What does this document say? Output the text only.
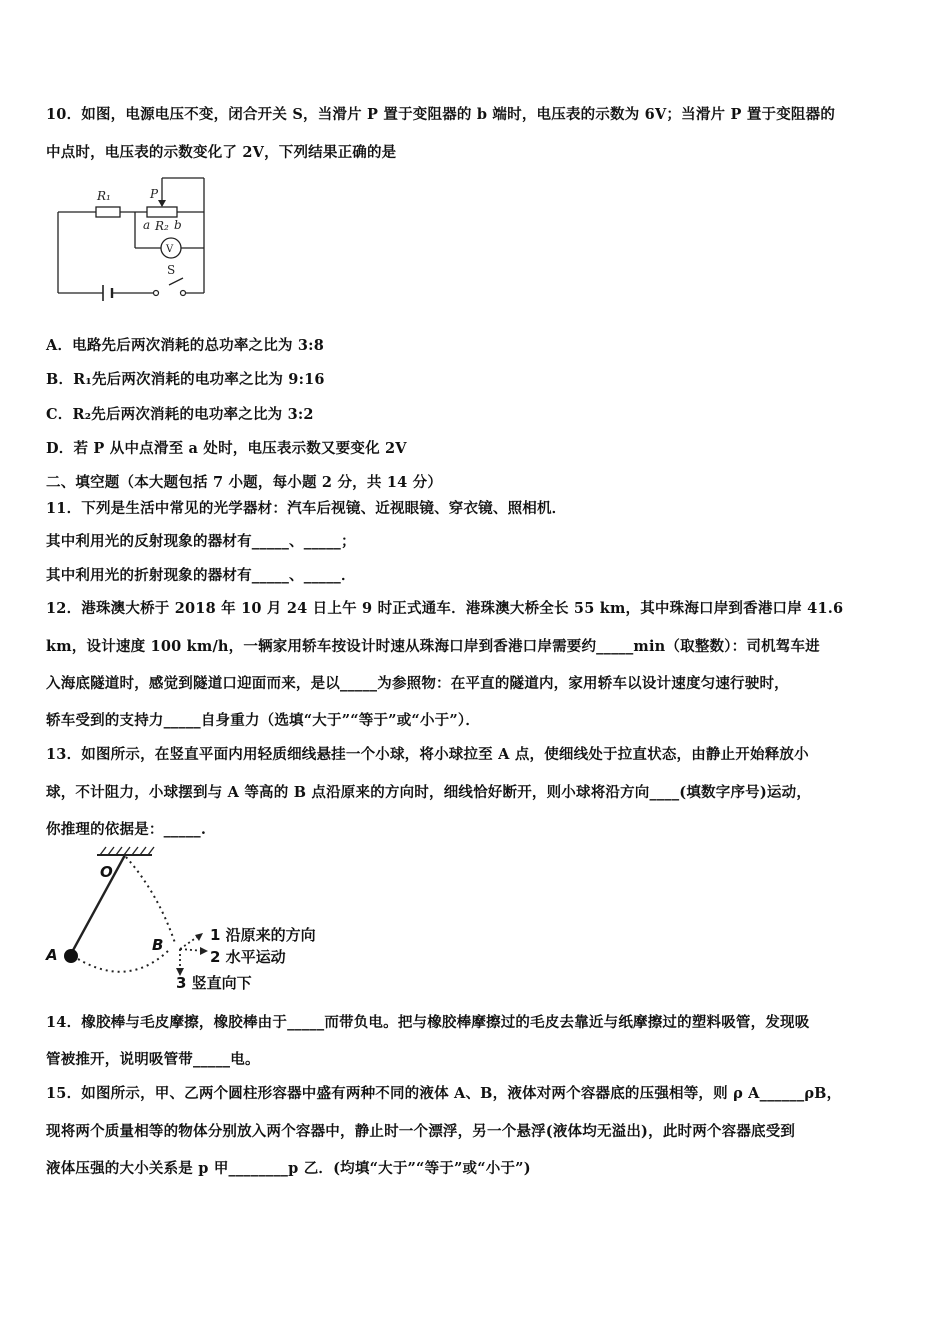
10．如图，电源电压不变，闭合开关 S，当滑片 P 置于变阻器的 b 端时，电压表的示数为 6V；当滑片 P 置于变阻器的
中点时，电压表的示数变化了 2V，下列结果正确的是
R₁	P
a R₂ b
V
S
A．电路先后两次消耗的总功率之比为 3:8
B．R₁先后两次消耗的电功率之比为 9:16
C．R₂先后两次消耗的电功率之比为 3:2
D．若 P 从中点滑至 a 处时，电压表示数又要变化 2V
二、填空题（本大题包括 7 小题，每小题 2 分，共 14 分）
11．下列是生活中常见的光学器材：汽车后视镜、近视眼镜、穿衣镜、照相机．
其中利用光的反射现象的器材有_____、_____；
其中利用光的折射现象的器材有_____、_____．
12．港珠澳大桥于 2018 年 10 月 24 日上午 9 时正式通车．港珠澳大桥全长 55 km，其中珠海口岸到香港口岸 41.6
km，设计速度 100 km/h，一辆家用轿车按设计时速从珠海口岸到香港口岸需要约_____min（取整数）：司机驾车进
入海底隧道时，感觉到隧道口迎面而来，是以_____为参照物：在平直的隧道内，家用轿车以设计速度匀速行驶时，
轿车受到的支持力_____自身重力（选填“大于”“等于”或“小于”）．
13．如图所示，在竖直平面内用轻质细线悬挂一个小球，将小球拉至 A 点，使细线处于拉直状态，由静止开始释放小
球，不计阻力，小球摆到与 A 等高的 B 点沿原来的方向时，细线恰好断开，则小球将沿方向____(填数字序号)运动，
你推理的依据是：_____.
O
A
B
1 沿原来的方向
2 水平运动
3 竖直向下
14．橡胶棒与毛皮摩擦，橡胶棒由于_____而带负电。把与橡胶棒摩擦过的毛皮去靠近与纸摩擦过的塑料吸管，发现吸
管被推开，说明吸管带_____电。
15．如图所示，甲、乙两个圆柱形容器中盛有两种不同的液体 A、B，液体对两个容器底的压强相等，则 ρ A______ρB，
现将两个质量相等的物体分别放入两个容器中，静止时一个漂浮，另一个悬浮(液体均无溢出)，此时两个容器底受到
液体压强的大小关系是 p 甲________p 乙．(均填“大于”“等于”或“小于”)
